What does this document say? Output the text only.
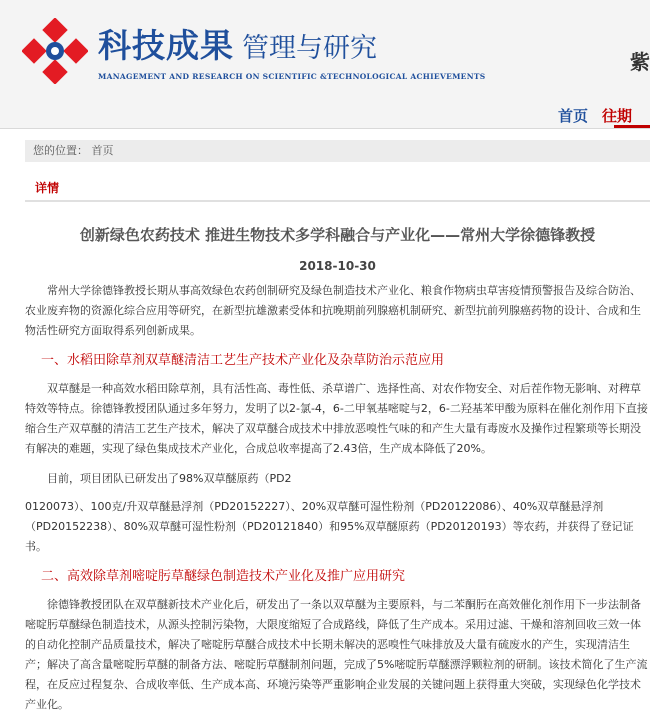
科技成果 管理与研究
MANAGEMENT AND RESEARCH ON SCIENTIFIC &TECHNOLOGICAL ACHIEVEMENTS
紫
首页 往期
您的位置： 首页
详情
创新绿色农药技术 推进生物技术多学科融合与产业化——常州大学徐德锋教授
2018-10-30

常州大学徐德锋教授长期从事高效绿色农药创制研究及绿色制造技术产业化、粮食作物病虫草害疫情预警报告及综合防治、农业废弃物的资源化综合应用等研究，在新型抗雄激素受体和抗晚期前列腺癌机制研究、新型抗前列腺癌药物的设计、合成和生物活性研究方面取得系列创新成果。

一、水稻田除草剂双草醚清洁工艺生产技术产业化及杂草防治示范应用

双草醚是一种高效水稻田除草剂，具有活性高、毒性低、杀草谱广、选择性高、对农作物安全、对后茬作物无影响、对稗草特效等特点。徐德锋教授团队通过多年努力，发明了以2-氯-4，6-二甲氧基嘧啶与2，6-二羟基苯甲酸为原料在催化剂作用下直接缩合生产双草醚的清洁工艺生产技术，解决了双草醚合成技术中排放恶嗅性气味的和产生大量有毒废水及操作过程繁琐等长期没有解决的难题，实现了绿色集成技术产业化，合成总收率提高了2.43倍，生产成本降低了20%。

目前，项目团队已研发出了98%双草醚原药（PD2

0120073）、100克/升双草醚悬浮剂（PD20152227）、20%双草醚可湿性粉剂（PD20122086）、40%双草醚悬浮剂（PD20152238）、80%双草醚可湿性粉剂（PD20121840）和95%双草醚原药（PD20120193）等农药，并获得了登记证书。

二、高效除草剂嘧啶肟草醚绿色制造技术产业化及推广应用研究

徐德锋教授团队在双草醚新技术产业化后，研发出了一条以双草醚为主要原料，与二苯酮肟在高效催化剂作用下一步法制备嘧啶肟草醚绿色制造技术，从源头控制污染物，大限度缩短了合成路线，降低了生产成本。采用过滤、干燥和溶剂回收三效一体的自动化控制产品质量技术，解决了嘧啶肟草醚合成技术中长期未解决的恶嗅性气味排放及大量有硫废水的产生，实现清洁生产；解决了高含量嘧啶肟草醚的制备方法、嘧啶肟草醚制剂问题，完成了5%嘧啶肟草醚漂浮颗粒剂的研制。该技术简化了生产流程，在反应过程复杂、合成收率低、生产成本高、环境污染等严重影响企业发展的关键问题上获得重大突破，实现绿色化学技术产业化。
